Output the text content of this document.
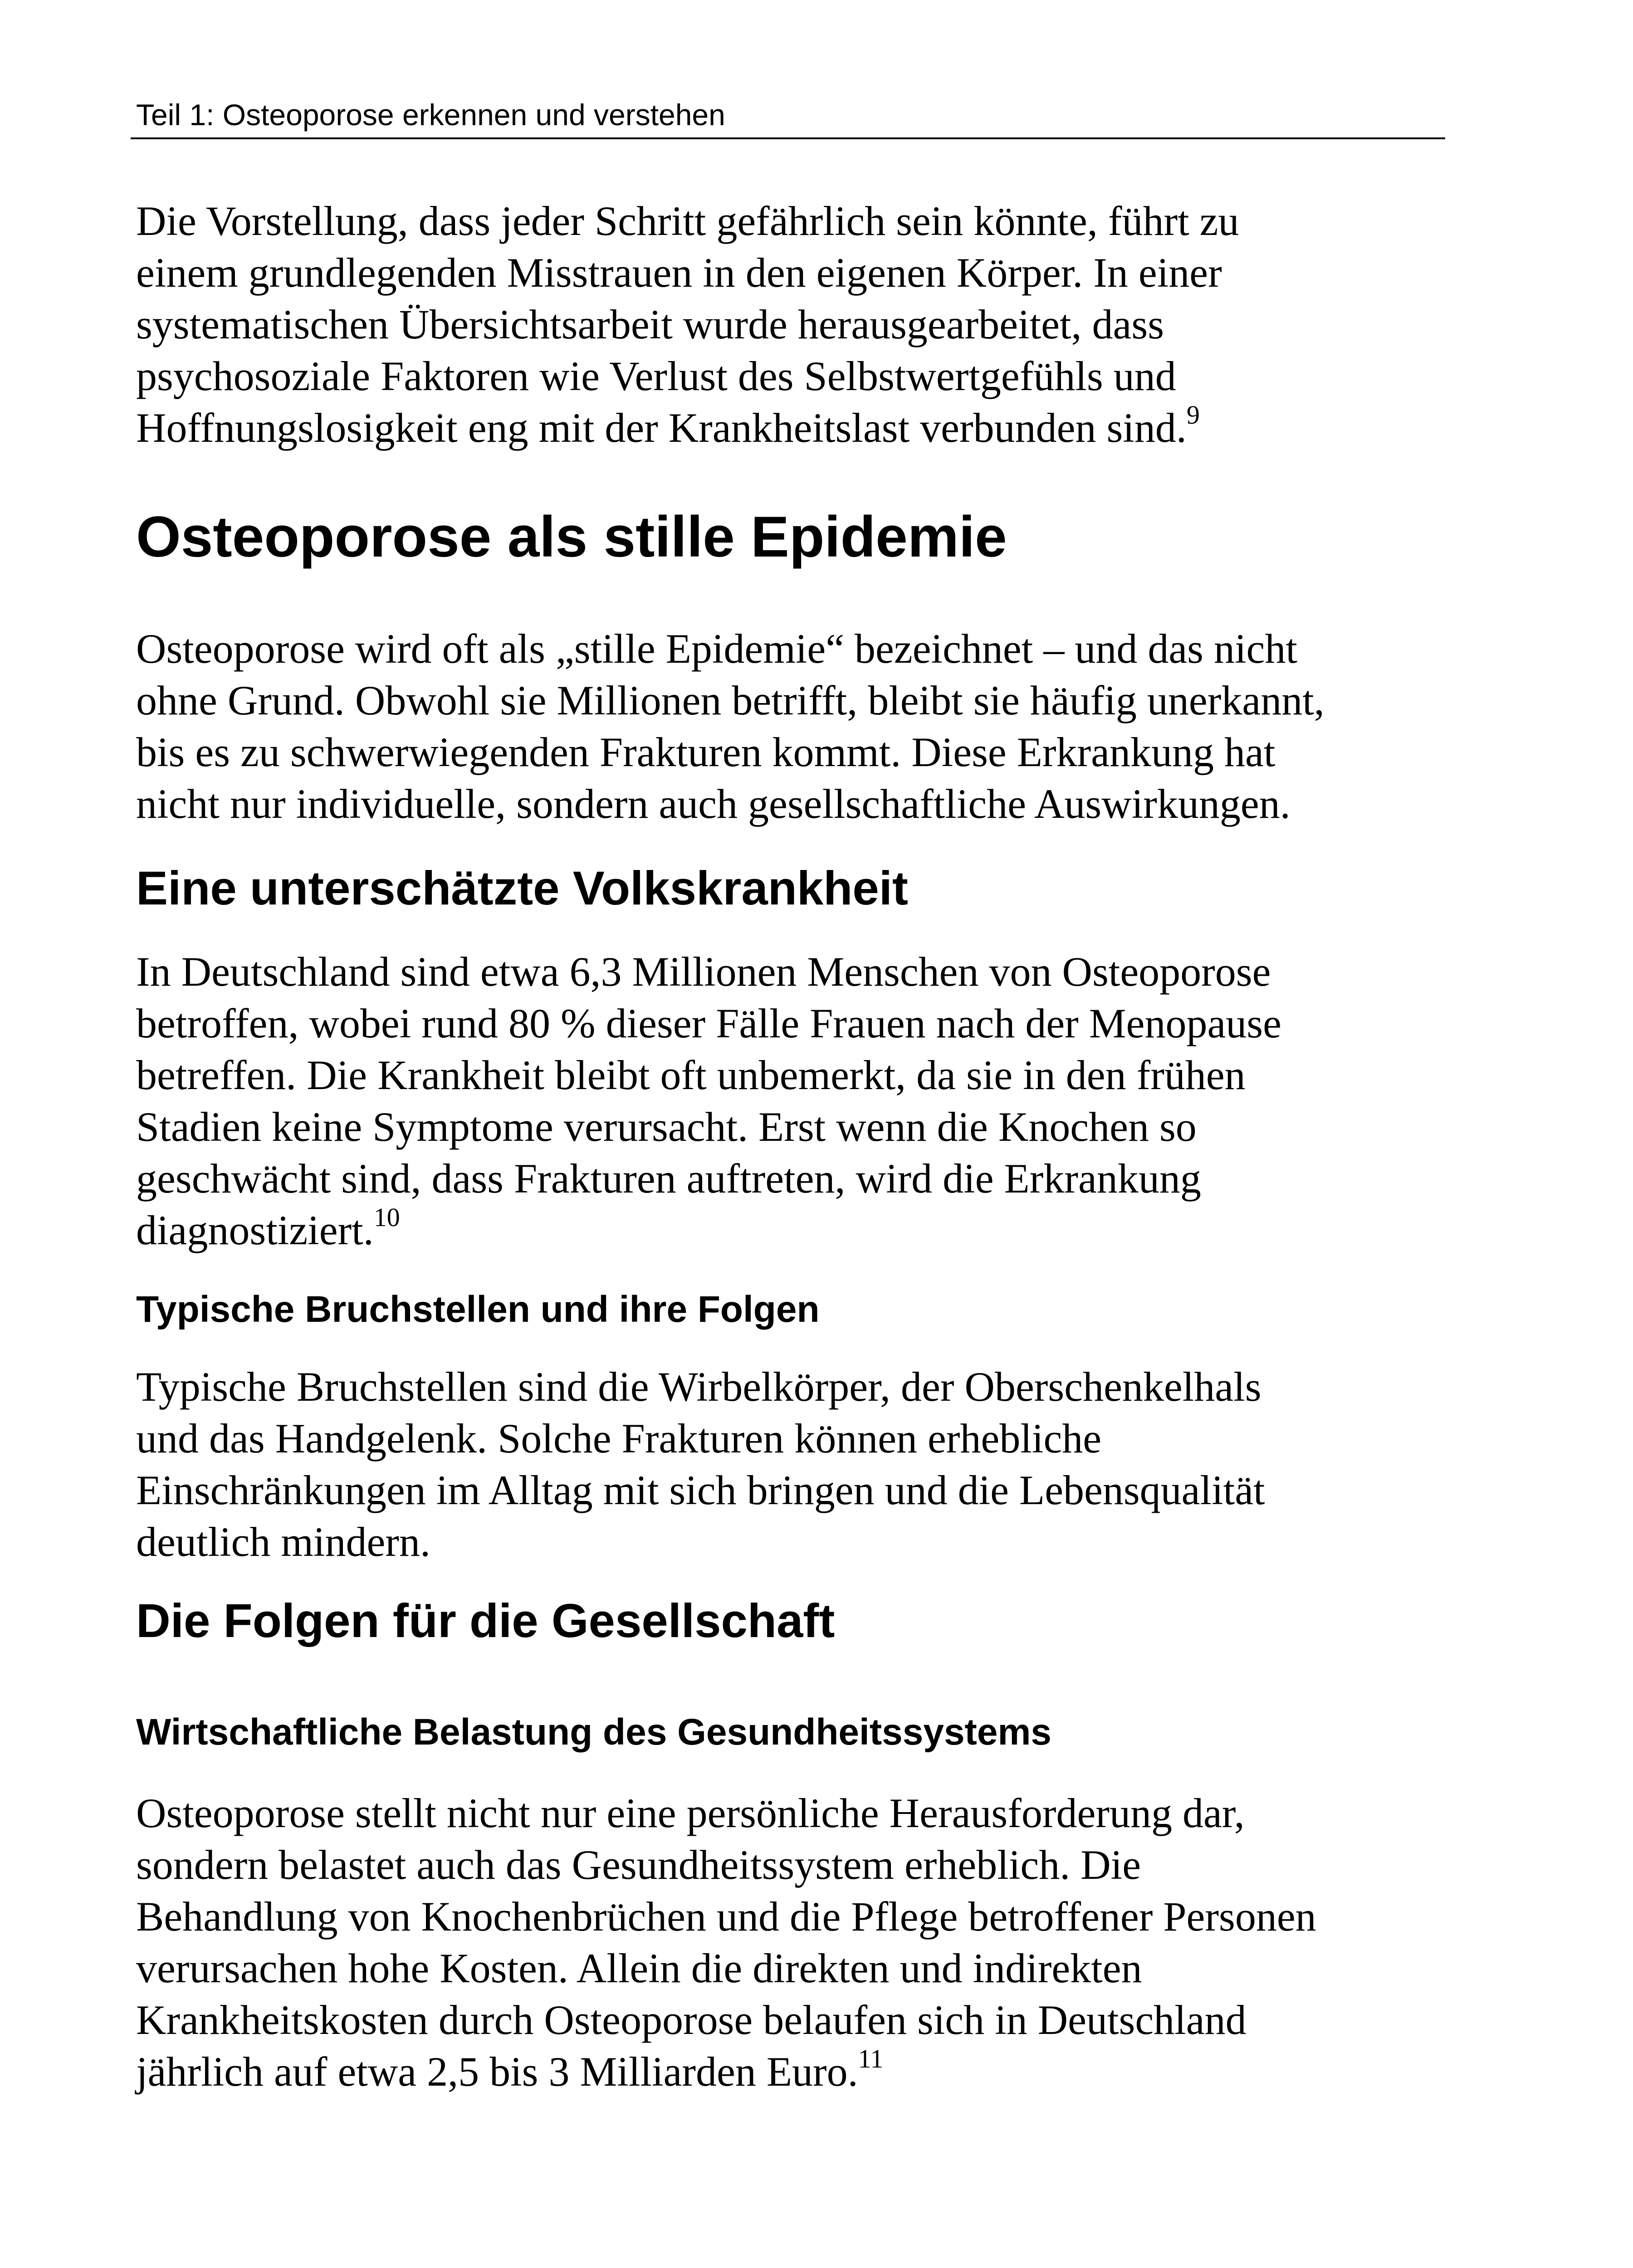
Teil 1: Osteoporose erkennen und verstehen

Die Vorstellung, dass jeder Schritt gefährlich sein könnte, führt zu
einem grundlegenden Misstrauen in den eigenen Körper. In einer
systematischen Übersichtsarbeit wurde herausgearbeitet, dass
psychosoziale Faktoren wie Verlust des Selbstwertgefühls und
Hoffnungslosigkeit eng mit der Krankheitslast verbunden sind.$^9$

Osteoporose als stille Epidemie

Osteoporose wird oft als „stille Epidemie“ bezeichnet – und das nicht
ohne Grund. Obwohl sie Millionen betrifft, bleibt sie häufig unerkannt,
bis es zu schwerwiegenden Frakturen kommt. Diese Erkrankung hat
nicht nur individuelle, sondern auch gesellschaftliche Auswirkungen.

Eine unterschätzte Volkskrankheit

In Deutschland sind etwa 6,3 Millionen Menschen von Osteoporose
betroffen, wobei rund 80 % dieser Fälle Frauen nach der Menopause
betreffen. Die Krankheit bleibt oft unbemerkt, da sie in den frühen
Stadien keine Symptome verursacht. Erst wenn die Knochen so
geschwächt sind, dass Frakturen auftreten, wird die Erkrankung
diagnostiziert.$^{10}$

Typische Bruchstellen und ihre Folgen

Typische Bruchstellen sind die Wirbelkörper, der Oberschenkelhals
und das Handgelenk. Solche Frakturen können erhebliche
Einschränkungen im Alltag mit sich bringen und die Lebensqualität
deutlich mindern.

Die Folgen für die Gesellschaft
Wirtschaftliche Belastung des Gesundheitssystems

Osteoporose stellt nicht nur eine persönliche Herausforderung dar,
sondern belastet auch das Gesundheitssystem erheblich. Die
Behandlung von Knochenbrüchen und die Pflege betroffener Personen
verursachen hohe Kosten. Allein die direkten und indirekten
Krankheitskosten durch Osteoporose belaufen sich in Deutschland
jährlich auf etwa 2,5 bis 3 Milliarden Euro.$^{11}$
